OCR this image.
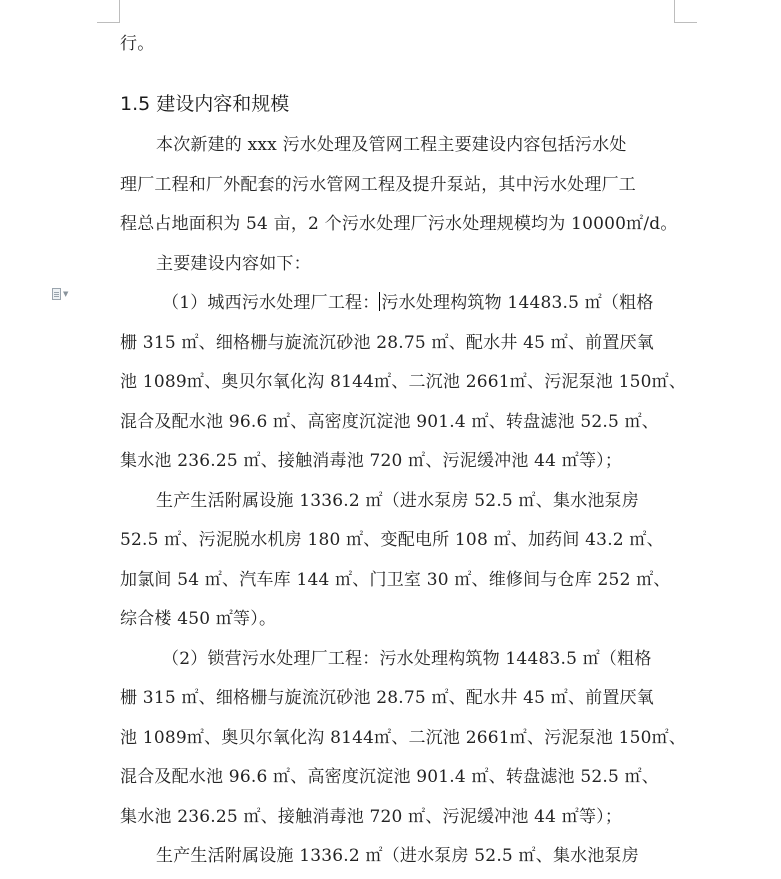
▼
行。
1.5 建设内容和规模
本次新建的 xxx 污水处理及管网工程主要建设内容包括污水处
理厂工程和厂外配套的污水管网工程及提升泵站，其中污水处理厂工
程总占地面积为 54 亩，2 个污水处理厂污水处理规模均为 10000㎡/d。
主要建设内容如下：
（1）城西污水处理厂工程： 污水处理构筑物 14483.5 ㎡（粗格
栅 315 ㎡、细格栅与旋流沉砂池 28.75 ㎡、配水井 45 ㎡、前置厌氧
池 1089㎡、奥贝尔氧化沟 8144㎡、二沉池 2661㎡、污泥泵池 150㎡、
混合及配水池 96.6 ㎡、高密度沉淀池 901.4 ㎡、转盘滤池 52.5 ㎡、
集水池 236.25 ㎡、接触消毒池 720 ㎡、污泥缓冲池 44 ㎡等）；
生产生活附属设施 1336.2 ㎡（进水泵房 52.5 ㎡、集水池泵房
52.5 ㎡、污泥脱水机房 180 ㎡、变配电所 108 ㎡、加药间 43.2 ㎡、
加氯间 54 ㎡、汽车库 144 ㎡、门卫室 30 ㎡、维修间与仓库 252 ㎡、
综合楼 450 ㎡等）。
（2）锁营污水处理厂工程：污水处理构筑物 14483.5 ㎡（粗格
栅 315 ㎡、细格栅与旋流沉砂池 28.75 ㎡、配水井 45 ㎡、前置厌氧
池 1089㎡、奥贝尔氧化沟 8144㎡、二沉池 2661㎡、污泥泵池 150㎡、
混合及配水池 96.6 ㎡、高密度沉淀池 901.4 ㎡、转盘滤池 52.5 ㎡、
集水池 236.25 ㎡、接触消毒池 720 ㎡、污泥缓冲池 44 ㎡等）；
生产生活附属设施 1336.2 ㎡（进水泵房 52.5 ㎡、集水池泵房
